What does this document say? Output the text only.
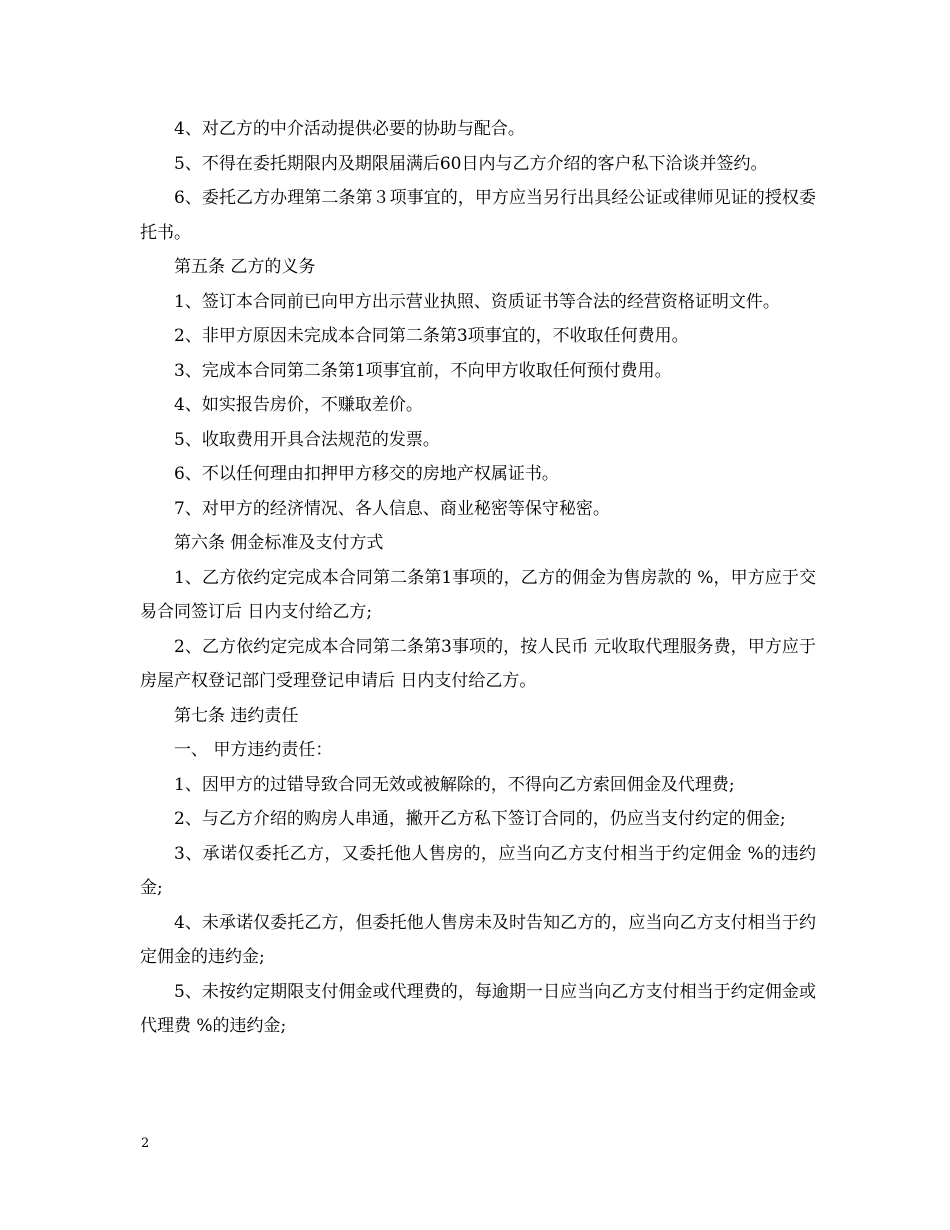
4、对乙方的中介活动提供必要的协助与配合。

5、不得在委托期限内及期限届满后60日内与乙方介绍的客户私下洽谈并签约。

6、委托乙方办理第二条第３项事宜的，甲方应当另行出具经公证或律师见证的授权委托书。

第五条 乙方的义务

1、签订本合同前已向甲方出示营业执照、资质证书等合法的经营资格证明文件。

2、非甲方原因未完成本合同第二条第3项事宜的，不收取任何费用。

3、完成本合同第二条第1项事宜前，不向甲方收取任何预付费用。

4、如实报告房价，不赚取差价。

5、收取费用开具合法规范的发票。

6、不以任何理由扣押甲方移交的房地产权属证书。

7、对甲方的经济情况、各人信息、商业秘密等保守秘密。

第六条 佣金标准及支付方式

1、乙方依约定完成本合同第二条第1事项的，乙方的佣金为售房款的 %，甲方应于交易合同签订后 日内支付给乙方;

2、乙方依约定完成本合同第二条第3事项的，按人民币 元收取代理服务费，甲方应于房屋产权登记部门受理登记申请后 日内支付给乙方。

第七条 违约责任

一、 甲方违约责任：

1、因甲方的过错导致合同无效或被解除的，不得向乙方索回佣金及代理费;

2、与乙方介绍的购房人串通，撇开乙方私下签订合同的，仍应当支付约定的佣金;

3、承诺仅委托乙方，又委托他人售房的，应当向乙方支付相当于约定佣金 %的违约金;

4、未承诺仅委托乙方，但委托他人售房未及时告知乙方的，应当向乙方支付相当于约定佣金的违约金;

5、未按约定期限支付佣金或代理费的，每逾期一日应当向乙方支付相当于约定佣金或代理费 %的违约金;

2
